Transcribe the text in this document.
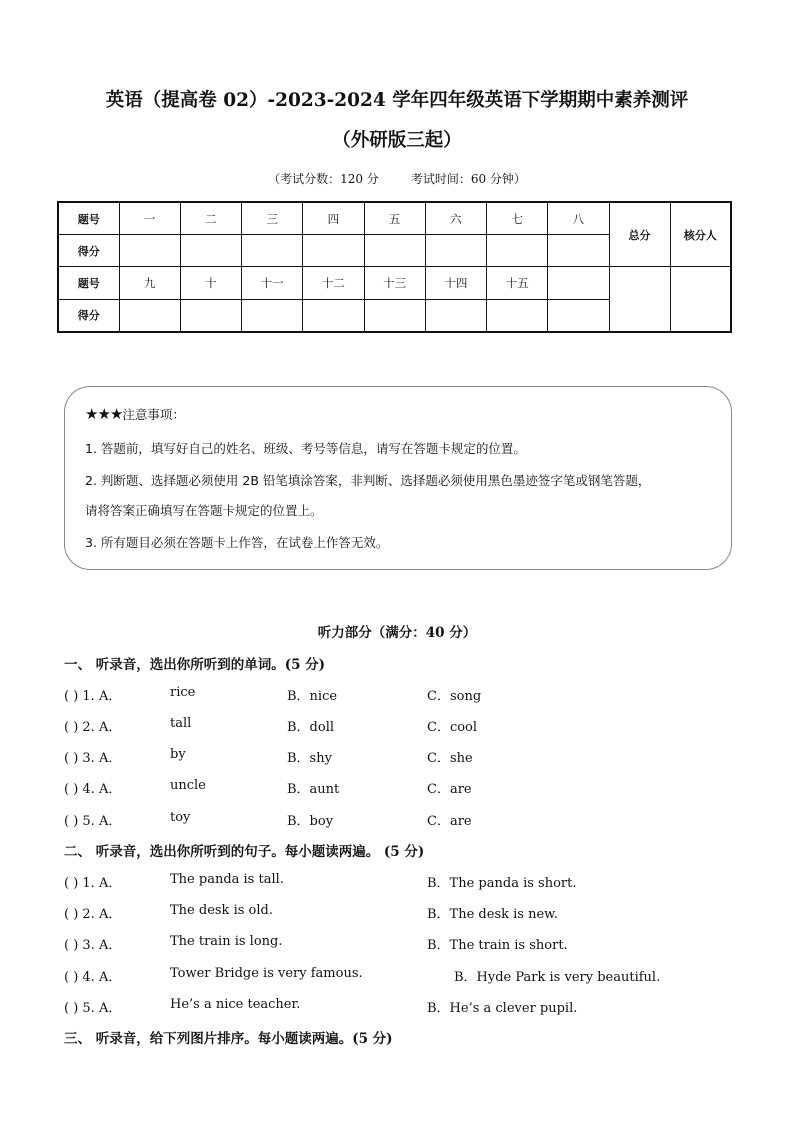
英语（提高卷 02）-2023-2024 学年四年级英语下学期期中素养测评
（外研版三起）
（考试分数：120 分	考试时间：60 分钟）
题号	一	二	三	四	五	六	七	八	总分	核分人
得分										
题号	九	十	十一	十二	十三	十四	十五			
得分										
★★★注意事项：
1. 答题前，填写好自己的姓名、班级、考号等信息，请写在答题卡规定的位置。
2. 判断题、选择题必须使用 2B 铅笔填涂答案，非判断、选择题必须使用黑色墨迹签字笔或钢笔答题，
请将答案正确填写在答题卡规定的位置上。
3. 所有题目必须在答题卡上作答，在试卷上作答无效。
听力部分（满分：40 分）
一、 听录音，选出你所听到的单词。(5 分)
( ) 1. A．	rice	B．nice	C．song
( ) 2. A．	tall	B．doll	C．cool
( ) 3. A．	by	B．shy	C．she
( ) 4. A．	uncle	B．aunt	C．are
( ) 5. A．	toy	B．boy	C．are
二、 听录音，选出你所听到的句子。每小题读两遍。 (5 分)
( ) 1. A．	The panda is tall.	B．The panda is short.
( ) 2. A．	The desk is old.	B．The desk is new.
( ) 3. A．	The train is long.	B．The train is short.
( ) 4. A．	Tower Bridge is very famous.	B．Hyde Park is very beautiful.
( ) 5. A．	He’s a nice teacher.	B．He’s a clever pupil.
三、 听录音，给下列图片排序。每小题读两遍。(5 分)
